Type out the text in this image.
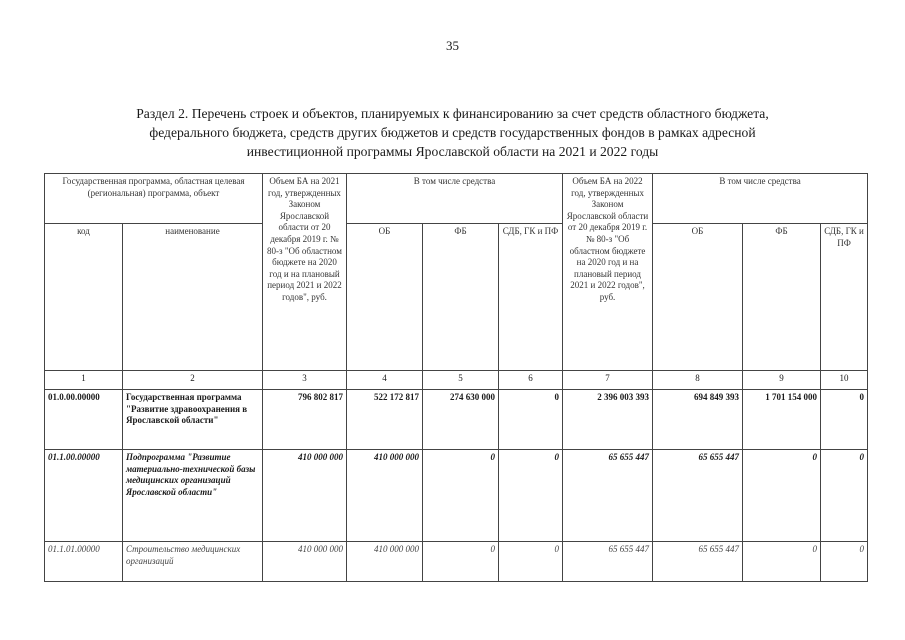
35
Раздел 2. Перечень строек и объектов, планируемых к финансированию за счет средств областного бюджета,
федерального бюджета, средств других бюджетов и средств государственных фондов в рамках адресной
инвестиционной программы Ярославской области на 2021 и 2022 годы
Государственная программа, областная целевая (региональная) программа, объект		Объем БА на 2021 год, утвержденных Законом Ярославской области от 20 декабря 2019 г. № 80-з "Об областном бюджете на 2020 год и на плановый период 2021 и 2022 годов", руб.	В том числе средства			Объем БА на 2022 год, утвержденных Законом Ярославской области от 20 декабря 2019 г. № 80-з "Об областном бюджете на 2020 год и на плановый период 2021 и 2022 годов", руб.	В том числе средства		
код	наименование		ОБ	ФБ	СДБ, ГК и ПФ		ОБ	ФБ	СДБ, ГК и ПФ
1	2	3	4	5	6	7	8	9	10
01.0.00.00000	Государственная программа "Развитие здравоохранения в Ярославской области"	796 802 817	522 172 817	274 630 000	0	2 396 003 393	694 849 393	1 701 154 000	0
01.1.00.00000	Подпрограмма "Развитие материально-технической базы медицинских организаций Ярославской области"	410 000 000	410 000 000	0	0	65 655 447	65 655 447	0	0
01.1.01.00000	Строительство медицинских организаций	410 000 000	410 000 000	0	0	65 655 447	65 655 447	0	0
